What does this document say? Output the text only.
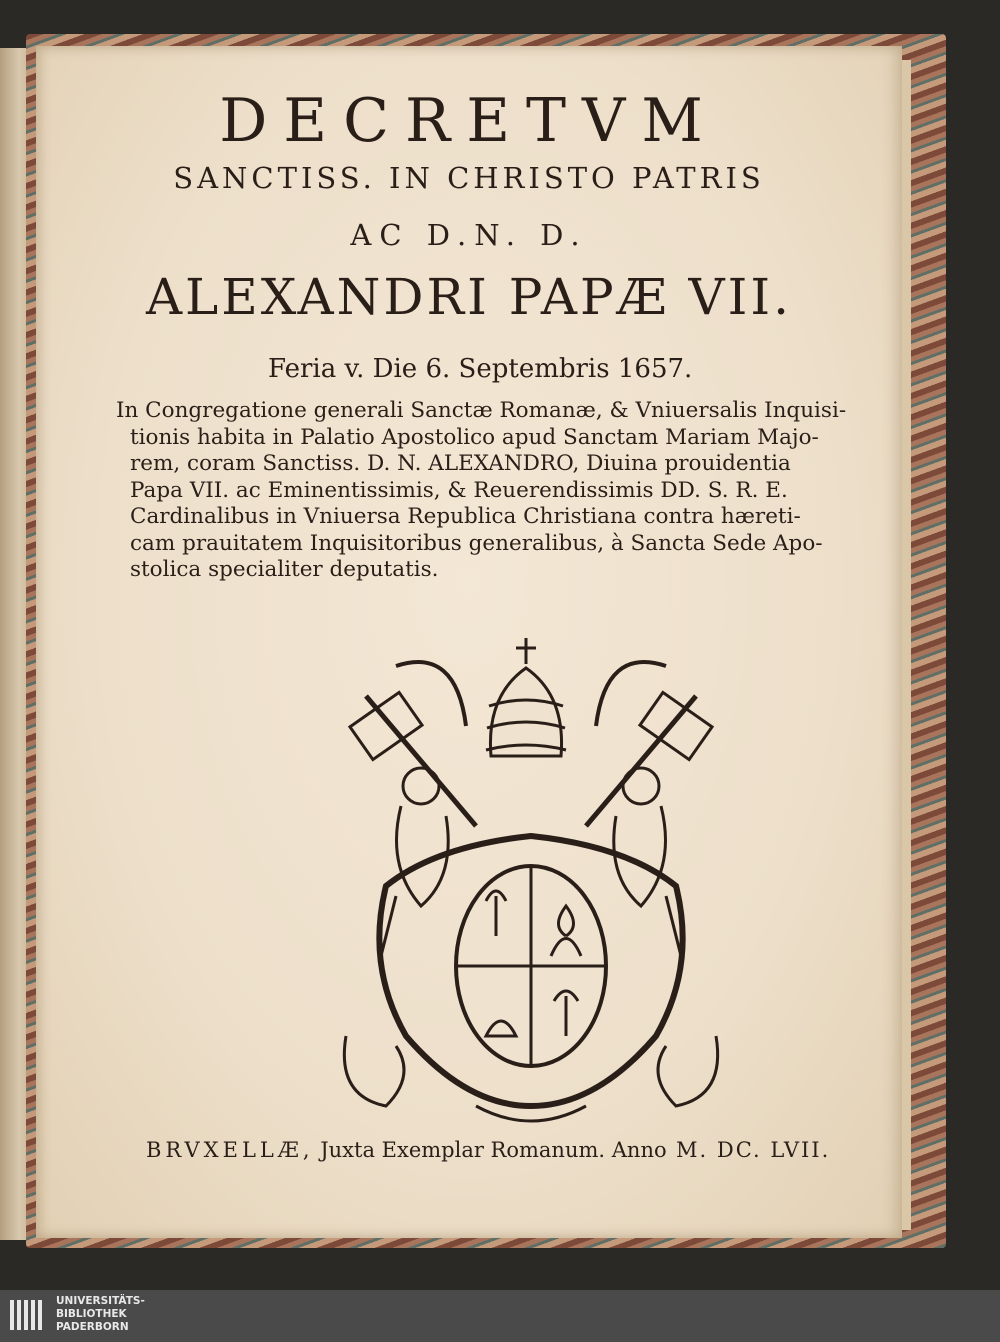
DECRETVM
SANCTISS. IN CHRISTO PATRIS
AC D.N. D.
ALEXANDRI PAPÆ VII.
Feria v. Die 6. Septembris 1657.
In Congregatione generali Sanctæ Romanæ, & Vniuersalis Inquisi-
tionis habita in Palatio Apostolico apud Sanctam Mariam Majo-
rem, coram Sanctiss. D. N. ALEXANDRO, Diuina prouidentia
Papa VII. ac Eminentissimis, & Reuerendissimis DD. S. R. E.
Cardinalibus in Vniuersa Republica Christiana contra hæreti-
cam prauitatem Inquisitoribus generalibus, à Sancta Sede Apo-
stolica specialiter deputatis.
BRVXELLÆ, Juxta Exemplar Romanum. Anno M. DC. LVII.
UNIVERSITÄTS-
BIBLIOTHEK
PADERBORN
